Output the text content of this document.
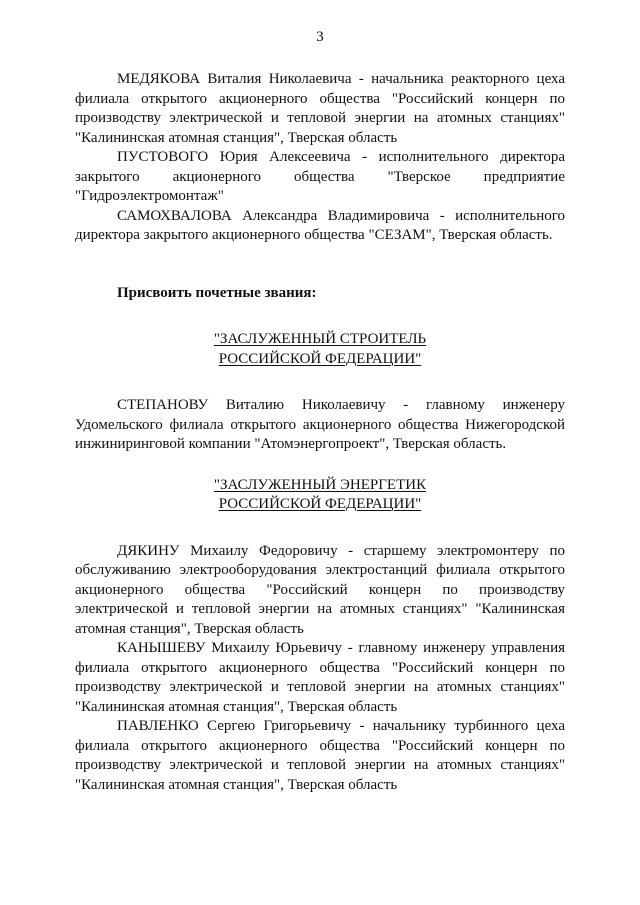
3

МЕДЯКОВА Виталия Николаевича - начальника реакторного цеха филиала открытого акционерного общества "Российский концерн по производству электрической и тепловой энергии на атомных станциях" "Калининская атомная станция", Тверская область

ПУСТОВОГО Юрия Алексеевича - исполнительного директора закрытого акционерного общества "Тверское предприятие "Гидроэлектромонтаж"

САМОХВАЛОВА Александра Владимировича - исполнительного директора закрытого акционерного общества "СЕЗАМ", Тверская область.

Присвоить почетные звания:

"ЗАСЛУЖЕННЫЙ СТРОИТЕЛЬ
РОССИЙСКОЙ ФЕДЕРАЦИИ"

СТЕПАНОВУ Виталию Николаевичу - главному инженеру Удомельского филиала открытого акционерного общества Нижегородской инжиниринговой компании "Атомэнергопроект", Тверская область.

"ЗАСЛУЖЕННЫЙ ЭНЕРГЕТИК
РОССИЙСКОЙ ФЕДЕРАЦИИ"

ДЯКИНУ Михаилу Федоровичу - старшему электромонтеру по обслуживанию электрооборудования электростанций филиала открытого акционерного общества "Российский концерн по производству электрической и тепловой энергии на атомных станциях" "Калининская атомная станция", Тверская область

КАНЫШЕВУ Михаилу Юрьевичу - главному инженеру управления филиала открытого акционерного общества "Российский концерн по производству электрической и тепловой энергии на атомных станциях" "Калининская атомная станция", Тверская область

ПАВЛЕНКО Сергею Григорьевичу - начальнику турбинного цеха филиала открытого акционерного общества "Российский концерн по производству электрической и тепловой энергии на атомных станциях" "Калининская атомная станция", Тверская область
